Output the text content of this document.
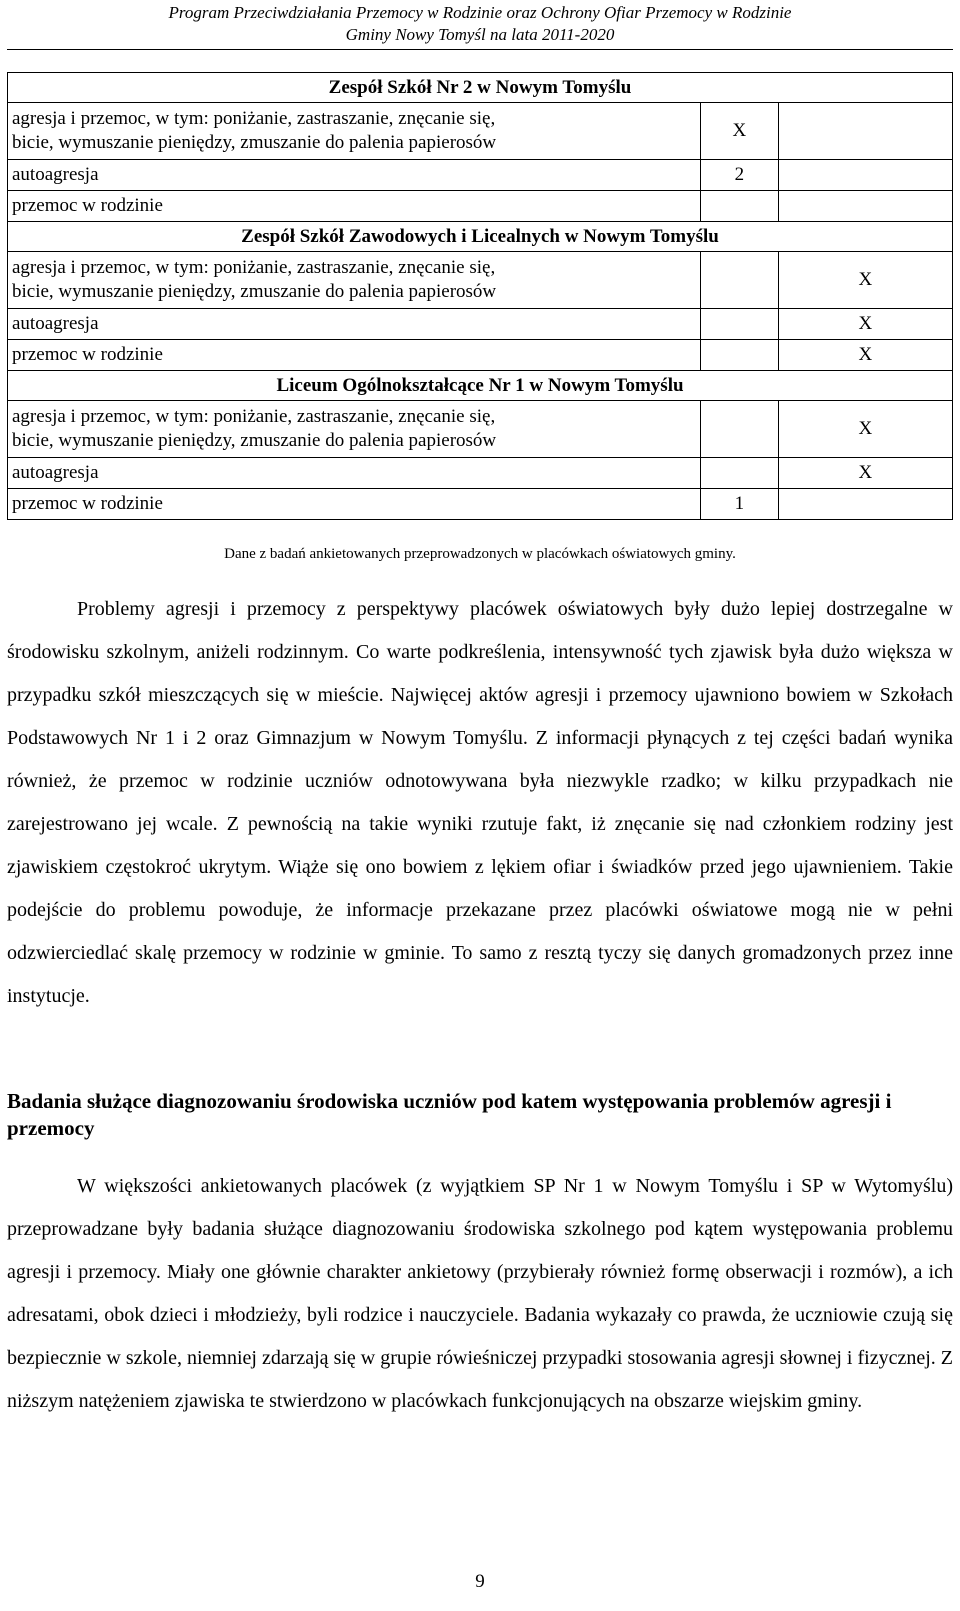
Program Przeciwdziałania Przemocy w Rodzinie oraz Ochrony Ofiar Przemocy w Rodzinie
Gminy Nowy Tomyśl na lata 2011-2020
Zespół Szkół Nr 2 w Nowym Tomyślu		

agresja i przemoc, w tym: poniżanie, zastraszanie, znęcanie się,
bicie, wymuszanie pieniędzy, zmuszanie do palenia papierosów	X	
autoagresja	2	
przemoc w rodzinie		
Zespół Szkół Zawodowych i Licealnych w Nowym Tomyślu		

agresja i przemoc, w tym: poniżanie, zastraszanie, znęcanie się,
bicie, wymuszanie pieniędzy, zmuszanie do palenia papierosów		X
autoagresja		X
przemoc w rodzinie		X
Liceum Ogólnokształcące Nr 1 w Nowym Tomyślu		

agresja i przemoc, w tym: poniżanie, zastraszanie, znęcanie się,
bicie, wymuszanie pieniędzy, zmuszanie do palenia papierosów		X
autoagresja		X
przemoc w rodzinie	1	
Dane z badań ankietowanych przeprowadzonych w placówkach oświatowych gminy.

Problemy agresji i przemocy z perspektywy placówek oświatowych były dużo lepiej dostrzegalne w środowisku szkolnym, aniżeli rodzinnym. Co warte podkreślenia, intensywność tych zjawisk była dużo większa w przypadku szkół mieszczących się w mieście. Najwięcej aktów agresji i przemocy ujawniono bowiem w Szkołach Podstawowych Nr 1 i 2 oraz Gimnazjum w Nowym Tomyślu. Z informacji płynących z tej części badań wynika również, że przemoc w rodzinie uczniów odnotowywana była niezwykle rzadko; w kilku przypadkach nie zarejestrowano jej wcale. Z pewnością na takie wyniki rzutuje fakt, iż znęcanie się nad członkiem rodziny jest zjawiskiem częstokroć ukrytym. Wiąże się ono bowiem z lękiem ofiar i świadków przed jego ujawnieniem. Takie podejście do problemu powoduje, że informacje przekazane przez placówki oświatowe mogą nie w pełni odzwierciedlać skalę przemocy w rodzinie w gminie. To samo z resztą tyczy się danych gromadzonych przez inne instytucje.

Badania służące diagnozowaniu środowiska uczniów pod katem występowania problemów agresji i przemocy

W większości ankietowanych placówek (z wyjątkiem SP Nr 1 w Nowym Tomyślu i SP w Wytomyślu) przeprowadzane były badania służące diagnozowaniu środowiska szkolnego pod kątem występowania problemu agresji i przemocy. Miały one głównie charakter ankietowy (przybierały również formę obserwacji i rozmów), a ich adresatami, obok dzieci i młodzieży, byli rodzice i nauczyciele. Badania wykazały co prawda, że uczniowie czują się bezpiecznie w szkole, niemniej zdarzają się w grupie rówieśniczej przypadki stosowania agresji słownej i fizycznej. Z niższym natężeniem zjawiska te stwierdzono w placówkach funkcjonujących na obszarze wiejskim gminy.

9
